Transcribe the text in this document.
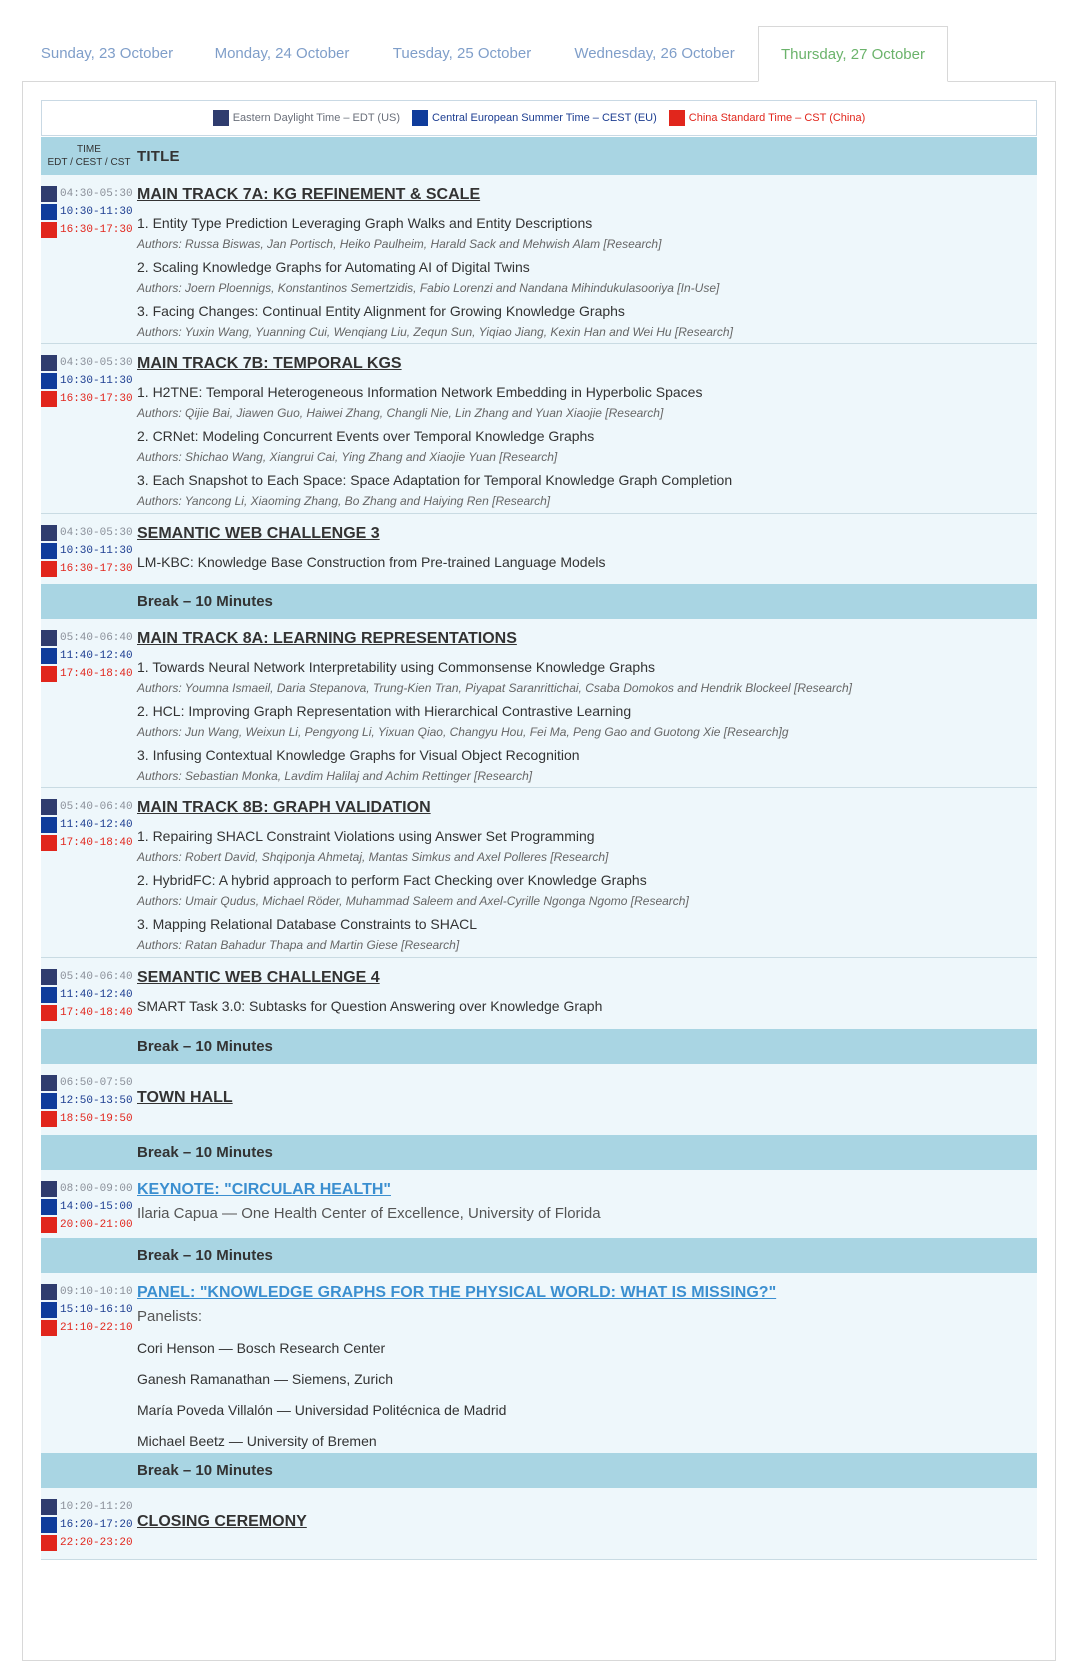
Sunday, 23 October	Monday, 24 October	Tuesday, 25 October	Wednesday, 26 October	Thursday, 27 October
Eastern Daylight Time – EDT (US)	Central European Summer Time – CEST (EU)	China Standard Time – CST (China)
TIME
EDT / CEST / CST TITLE
04:30-05:30
10:30-11:30
16:30-17:30
MAIN TRACK 7A: KG REFINEMENT & SCALE
1. Entity Type Prediction Leveraging Graph Walks and Entity Descriptions
Authors: Russa Biswas, Jan Portisch, Heiko Paulheim, Harald Sack and Mehwish Alam [Research]
2. Scaling Knowledge Graphs for Automating AI of Digital Twins
Authors: Joern Ploennigs, Konstantinos Semertzidis, Fabio Lorenzi and Nandana Mihindukulasooriya [In-Use]
3. Facing Changes: Continual Entity Alignment for Growing Knowledge Graphs
Authors: Yuxin Wang, Yuanning Cui, Wenqiang Liu, Zequn Sun, Yiqiao Jiang, Kexin Han and Wei Hu [Research]
04:30-05:30
10:30-11:30
16:30-17:30
MAIN TRACK 7B: TEMPORAL KGS
1. H2TNE: Temporal Heterogeneous Information Network Embedding in Hyperbolic Spaces
Authors: Qijie Bai, Jiawen Guo, Haiwei Zhang, Changli Nie, Lin Zhang and Yuan Xiaojie [Research]
2. CRNet: Modeling Concurrent Events over Temporal Knowledge Graphs
Authors: Shichao Wang, Xiangrui Cai, Ying Zhang and Xiaojie Yuan [Research]
3. Each Snapshot to Each Space: Space Adaptation for Temporal Knowledge Graph Completion
Authors: Yancong Li, Xiaoming Zhang, Bo Zhang and Haiying Ren [Research]
04:30-05:30
10:30-11:30
16:30-17:30
SEMANTIC WEB CHALLENGE 3
LM-KBC: Knowledge Base Construction from Pre-trained Language Models
Break – 10 Minutes
05:40-06:40
11:40-12:40
17:40-18:40
MAIN TRACK 8A: LEARNING REPRESENTATIONS
1. Towards Neural Network Interpretability using Commonsense Knowledge Graphs
Authors: Youmna Ismaeil, Daria Stepanova, Trung-Kien Tran, Piyapat Saranrittichai, Csaba Domokos and Hendrik Blockeel [Research]
2. HCL: Improving Graph Representation with Hierarchical Contrastive Learning
Authors: Jun Wang, Weixun Li, Pengyong Li, Yixuan Qiao, Changyu Hou, Fei Ma, Peng Gao and Guotong Xie [Research]g
3. Infusing Contextual Knowledge Graphs for Visual Object Recognition
Authors: Sebastian Monka, Lavdim Halilaj and Achim Rettinger [Research]
05:40-06:40
11:40-12:40
17:40-18:40
MAIN TRACK 8B: GRAPH VALIDATION
1. Repairing SHACL Constraint Violations using Answer Set Programming
Authors: Robert David, Shqiponja Ahmetaj, Mantas Simkus and Axel Polleres [Research]
2. HybridFC: A hybrid approach to perform Fact Checking over Knowledge Graphs
Authors: Umair Qudus, Michael Röder, Muhammad Saleem and Axel-Cyrille Ngonga Ngomo [Research]
3. Mapping Relational Database Constraints to SHACL
Authors: Ratan Bahadur Thapa and Martin Giese [Research]
05:40-06:40
11:40-12:40
17:40-18:40
SEMANTIC WEB CHALLENGE 4
SMART Task 3.0: Subtasks for Question Answering over Knowledge Graph
Break – 10 Minutes
06:50-07:50
12:50-13:50
18:50-19:50
TOWN HALL
Break – 10 Minutes
08:00-09:00
14:00-15:00
20:00-21:00
KEYNOTE: "CIRCULAR HEALTH"
Ilaria Capua — One Health Center of Excellence, University of Florida
Break – 10 Minutes
09:10-10:10
15:10-16:10
21:10-22:10
PANEL: "KNOWLEDGE GRAPHS FOR THE PHYSICAL WORLD: WHAT IS MISSING?"
Panelists:
Cori Henson — Bosch Research Center
Ganesh Ramanathan — Siemens, Zurich
María Poveda Villalón — Universidad Politécnica de Madrid
Michael Beetz — University of Bremen
Break – 10 Minutes
10:20-11:20
16:20-17:20
22:20-23:20
CLOSING CEREMONY
